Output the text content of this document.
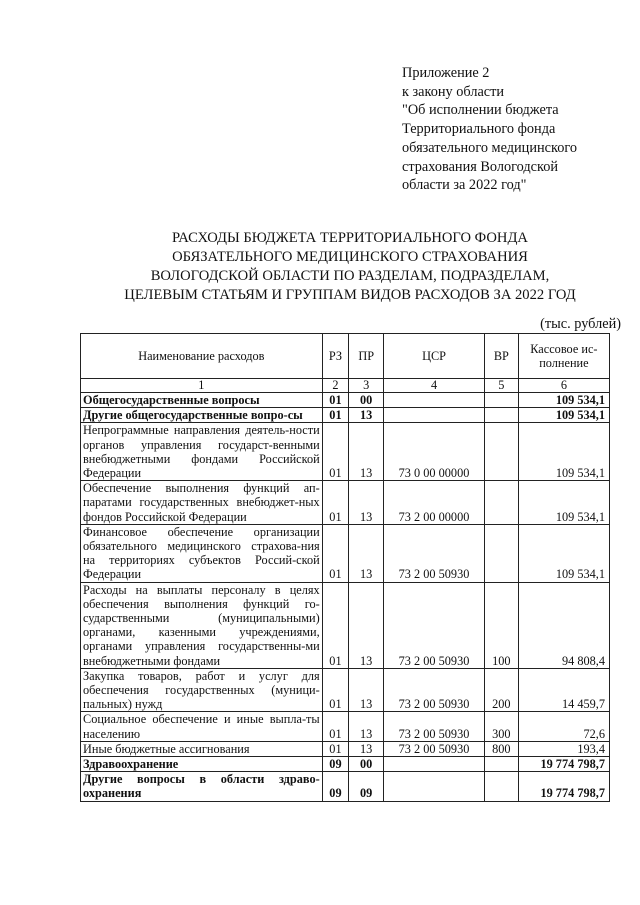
Приложение 2
к закону области
"Об исполнении бюджета
Территориального фонда
обязательного медицинского
страхования Вологодской
области за 2022 год"
РАСХОДЫ БЮДЖЕТА ТЕРРИТОРИАЛЬНОГО ФОНДА
ОБЯЗАТЕЛЬНОГО МЕДИЦИНСКОГО СТРАХОВАНИЯ
ВОЛОГОДСКОЙ ОБЛАСТИ ПО РАЗДЕЛАМ, ПОДРАЗДЕЛАМ,
ЦЕЛЕВЫМ СТАТЬЯМ И ГРУППАМ ВИДОВ РАСХОДОВ ЗА 2022 ГОД
(тыс. рублей)
Наименование расходов	РЗ	ПР	ЦСР	ВР	Кассовое ис-полнение
1	2	3	4	5	6
Общегосударственные вопросы	01	00			109 534,1
Другие общегосударственные вопро-сы	01	13			109 534,1
Непрограммные направления деятель-ности органов управления государст-венными внебюджетными фондами Российской Федерации	01	13	73 0 00 00000		109 534,1
Обеспечение выполнения функций ап-паратами государственных внебюджет-ных фондов Российской Федерации	01	13	73 2 00 00000		109 534,1
Финансовое обеспечение организации обязательного медицинского страхова-ния на территориях субъектов Россий-ской Федерации	01	13	73 2 00 50930		109 534,1
Расходы на выплаты персоналу в целях обеспечения выполнения функций го-сударственными (муниципальными) органами, казенными учреждениями, органами управления государственны-ми внебюджетными фондами	01	13	73 2 00 50930	100	94 808,4
Закупка товаров, работ и услуг для обеспечения государственных (муници-пальных) нужд	01	13	73 2 00 50930	200	14 459,7
Социальное обеспечение и иные выпла-ты населению	01	13	73 2 00 50930	300	72,6
Иные бюджетные ассигнования	01	13	73 2 00 50930	800	193,4
Здравоохранение	09	00			19 774 798,7
Другие вопросы в области здраво-охранения	09	09			19 774 798,7
